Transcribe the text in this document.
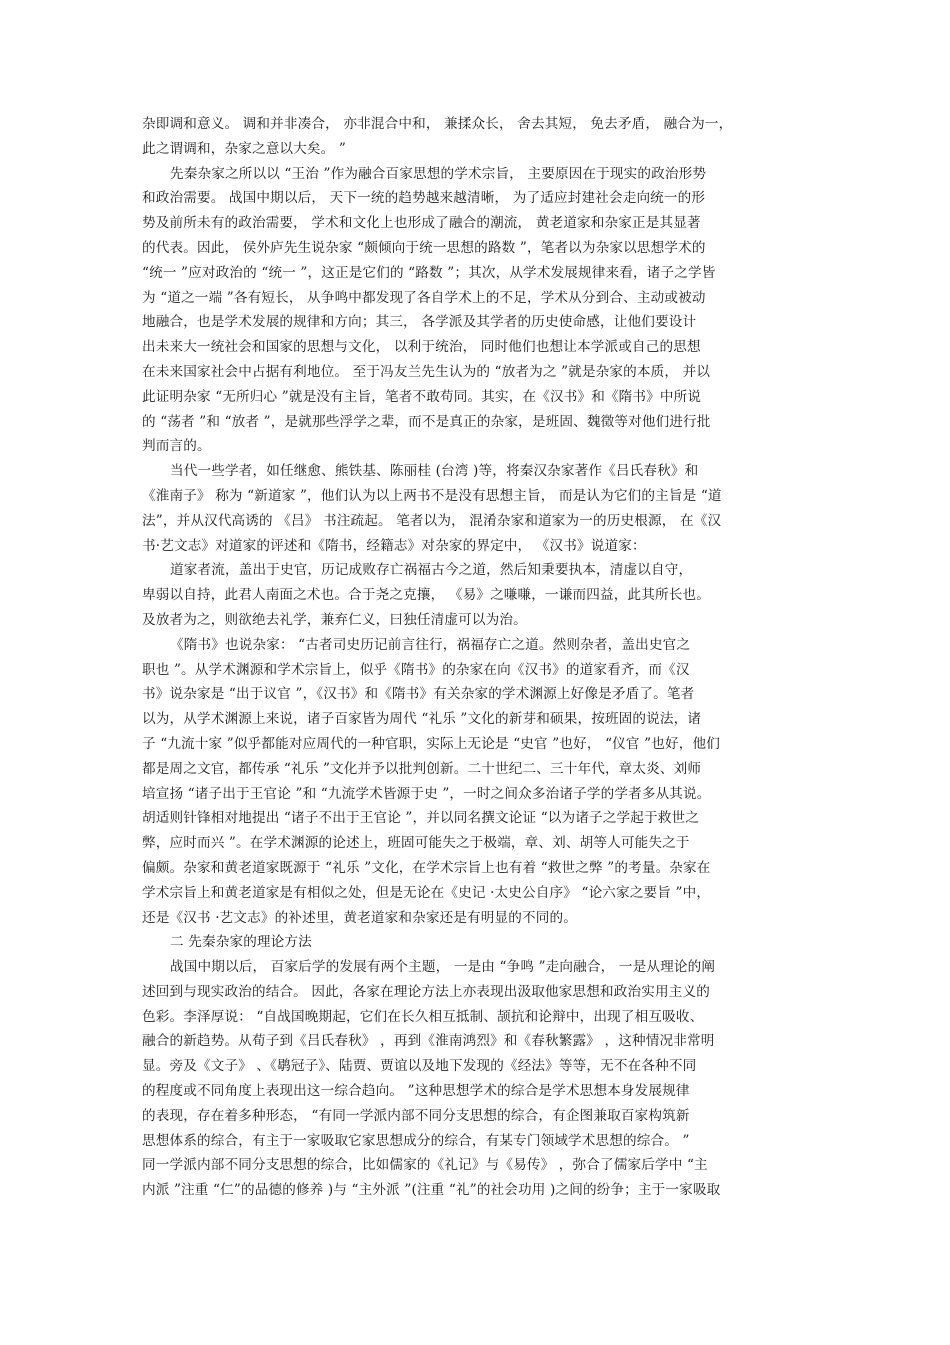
杂即调和意义。 调和并非凑合， 亦非混合中和， 兼揉众长， 舍去其短， 免去矛盾， 融合为一，
此之谓调和，杂家之意以大矣。 ”
先秦杂家之所以以 “王治 ”作为融合百家思想的学术宗旨， 主要原因在于现实的政治形势
和政治需要。 战国中期以后， 天下一统的趋势越来越清晰， 为了适应封建社会走向统一的形
势及前所未有的政治需要， 学术和文化上也形成了融合的潮流， 黄老道家和杂家正是其显著
的代表。因此， 侯外庐先生说杂家 “颇倾向于统一思想的路数 ”，笔者以为杂家以思想学术的
“统一 ”应对政治的 “统一 ”，这正是它们的 “路数 ”；其次，从学术发展规律来看，诸子之学皆
为 “道之一端 ”各有短长， 从争鸣中都发现了各自学术上的不足，学术从分到合、主动或被动
地融合，也是学术发展的规律和方向；其三， 各学派及其学者的历史使命感，让他们要设计
出未来大一统社会和国家的思想与文化， 以利于统治， 同时他们也想让本学派或自己的思想
在未来国家社会中占据有利地位。 至于冯友兰先生认为的 “放者为之 ”就是杂家的本质， 并以
此证明杂家 “无所归心 ”就是没有主旨，笔者不敢苟同。其实，在《汉书》和《隋书》中所说
的 “荡者 ”和 “放者 ”，是就那些浮学之辈，而不是真正的杂家，是班固、魏徵等对他们进行批
判而言的。
当代一些学者，如任继愈、熊铁基、陈丽桂 (台湾 )等，将秦汉杂家著作《吕氏春秋》和
《淮南子》 称为 “新道家 ”，他们认为以上两书不是没有思想主旨， 而是认为它们的主旨是 “道
法”，并从汉代高诱的 《吕》 书注疏起。 笔者以为， 混淆杂家和道家为一的历史根源， 在《汉
书·艺文志》对道家的评述和《隋书，经籍志》对杂家的界定中， 《汉书》说道家：
道家者流，盖出于史官，历记成败存亡祸福古今之道，然后知秉要执本，清虚以自守，
卑弱以自持，此君人南面之术也。合于尧之克攘， 《易》之嗛嗛，一谦而四益，此其所长也。
及放者为之，则欲绝去礼学，兼弃仁义，曰独任清虚可以为治。
《隋书》也说杂家： “古者司史历记前言往行，祸福存亡之道。然则杂者，盖出史官之
职也 ”。从学术渊源和学术宗旨上，似乎《隋书》的杂家在向《汉书》的道家看齐，而《汉
书》说杂家是 “出于议官 ”，《汉书》和《隋书》有关杂家的学术渊源上好像是矛盾了。笔者
以为，从学术渊源上来说，诸子百家皆为周代 “礼乐 ”文化的新芽和硕果，按班固的说法，诸
子 “九流十家 ”似乎都能对应周代的一种官职，实际上无论是 “史官 ”也好， “仪官 ”也好，他们
都是周之文官，都传承 “礼乐 ”文化并予以批判创新。二十世纪二、三十年代，章太炎、刘师
培宣扬 “诸子出于王官论 ”和 “九流学术皆源于史 ”，一时之间众多治诸子学的学者多从其说。
胡适则针锋相对地提出 “诸子不出于王官论 ”，并以同名撰文论证 “以为诸子之学起于救世之
弊，应时而兴 ”。在学术渊源的论述上，班固可能失之于极端，章、刘、胡等人可能失之于
偏颇。杂家和黄老道家既源于 “礼乐 ”文化，在学术宗旨上也有着 “救世之弊 ”的考量。杂家在
学术宗旨上和黄老道家是有相似之处，但是无论在《史记 ·太史公自序》 “论六家之要旨 ”中，
还是《汉书 ·艺文志》的补述里，黄老道家和杂家还是有明显的不同的。
二 先秦杂家的理论方法
战国中期以后， 百家后学的发展有两个主题， 一是由 “争鸣 ”走向融合， 一是从理论的阐
述回到与现实政治的结合。 因此，各家在理论方法上亦表现出汲取他家思想和政治实用主义的
色彩。李泽厚说： “自战国晚期起，它们在长久相互抵制、颉抗和论辩中，出现了相互吸收、
融合的新趋势。从荀子到《吕氏春秋》 ，再到《淮南鸿烈》和《春秋繁露》 ，这种情况非常明
显。旁及《文子》 、《鹖冠子》、陆贾、贾谊以及地下发现的《经法》等等，无不在各种不同
的程度或不同角度上表现出这一综合趋向。 ”这种思想学术的综合是学术思想本身发展规律
的表现，存在着多种形态， “有同一学派内部不同分支思想的综合，有企图兼取百家构筑新
思想体系的综合，有主于一家吸取它家思想成分的综合，有某专门领域学术思想的综合。 ”
同一学派内部不同分支思想的综合，比如儒家的《礼记》与《易传》 ，弥合了儒家后学中 “主
内派 ”注重 “仁”的品德的修养 )与 “主外派 ”(注重 “礼”的社会功用 )之间的纷争；主于一家吸取
